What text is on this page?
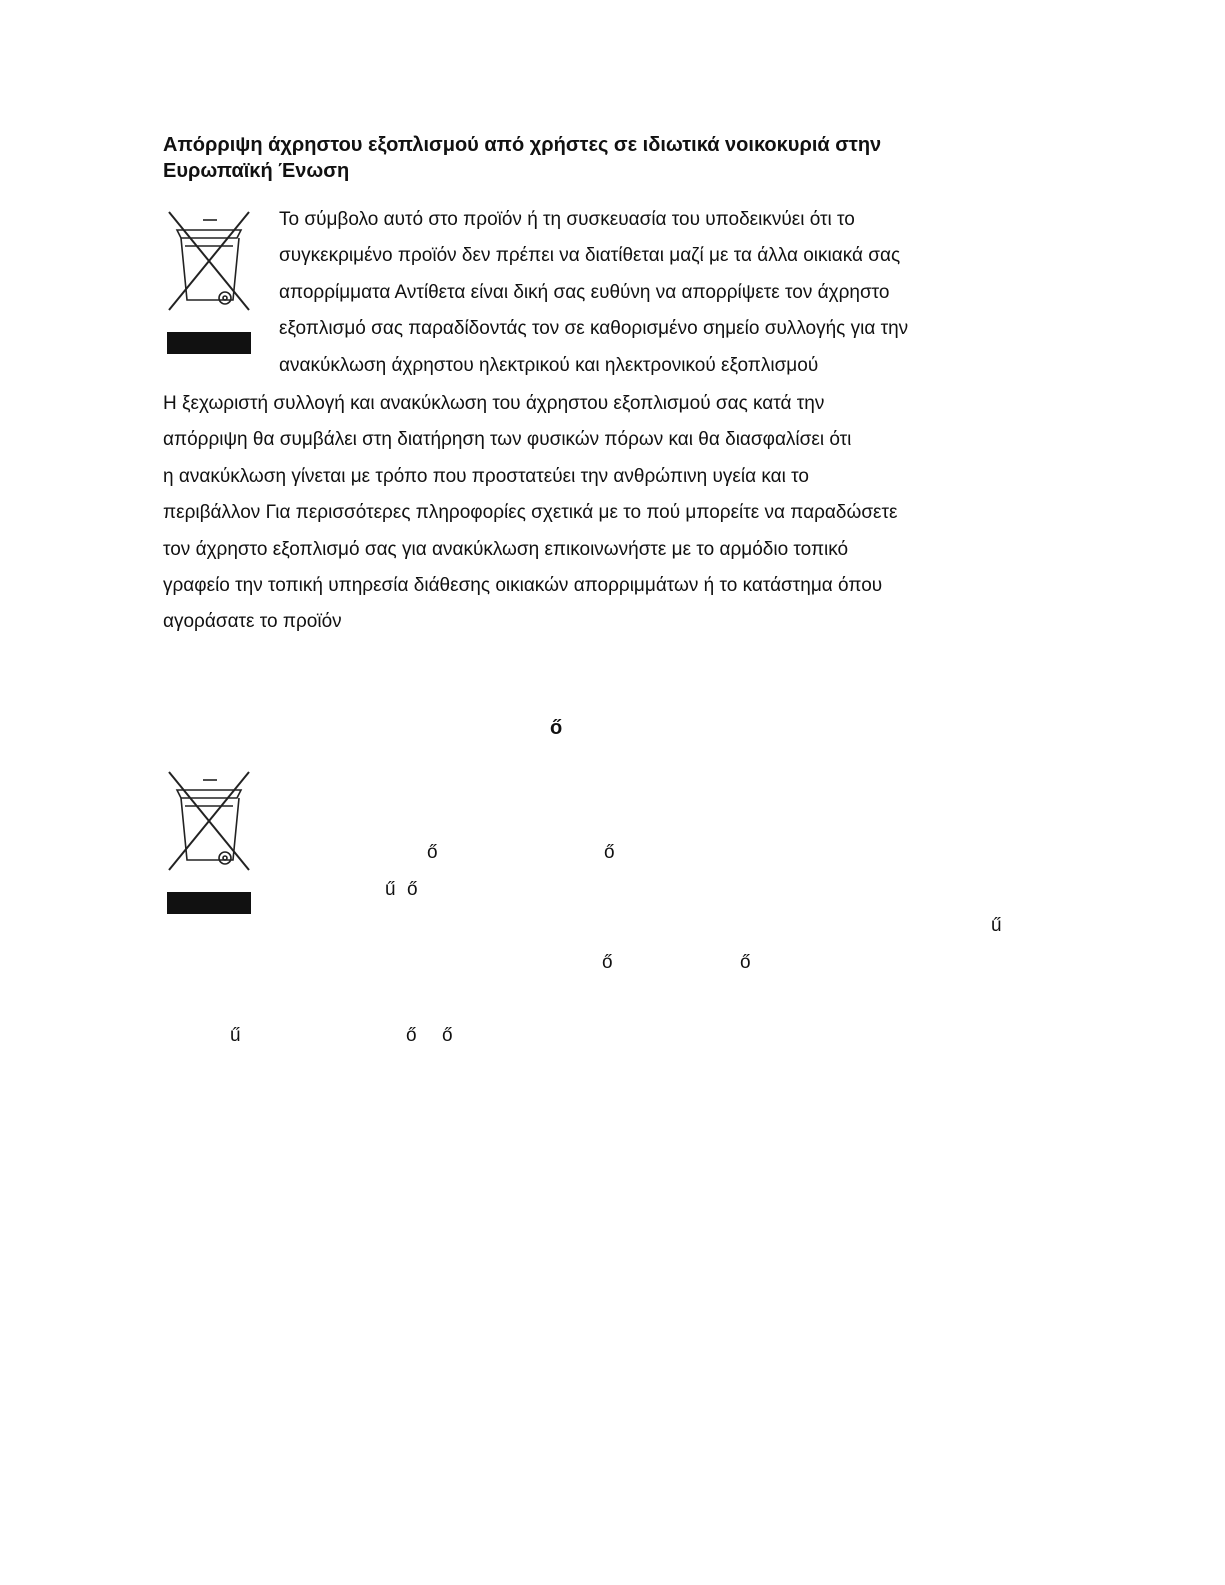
Απόρριψη άχρηστου εξοπλισμού από χρήστες σε ιδιωτικά νοικοκυριά στην
Ευρωπαϊκή Ένωση
Το σύμβολο αυτό στο προϊόν ή τη συσκευασία του υποδεικνύει ότι το
συγκεκριμένο προϊόν δεν πρέπει να διατίθεται μαζί με τα άλλα οικιακά σας
απορρίμματα Αντίθετα είναι δική σας ευθύνη να απορρίψετε τον άχρηστο
εξοπλισμό σας παραδίδοντάς τον σε καθορισμένο σημείο συλλογής για την
ανακύκλωση άχρηστου ηλεκτρικού και ηλεκτρονικού εξοπλισμού
Η ξεχωριστή συλλογή και ανακύκλωση του άχρηστου εξοπλισμού σας κατά την
απόρριψη θα συμβάλει στη διατήρηση των φυσικών πόρων και θα διασφαλίσει ότι
η ανακύκλωση γίνεται με τρόπο που προστατεύει την ανθρώπινη υγεία και το
περιβάλλον Για περισσότερες πληροφορίες σχετικά με το πού μπορείτε να παραδώσετε
τον άχρηστο εξοπλισμό σας για ανακύκλωση επικοινωνήστε με το αρμόδιο τοπικό
γραφείο την τοπική υπηρεσία διάθεσης οικιακών απορριμμάτων ή το κατάστημα όπου
αγοράσατε το προϊόν
ő
ő	ő
ű ő
ű
ő	ő
ű	ő ő
